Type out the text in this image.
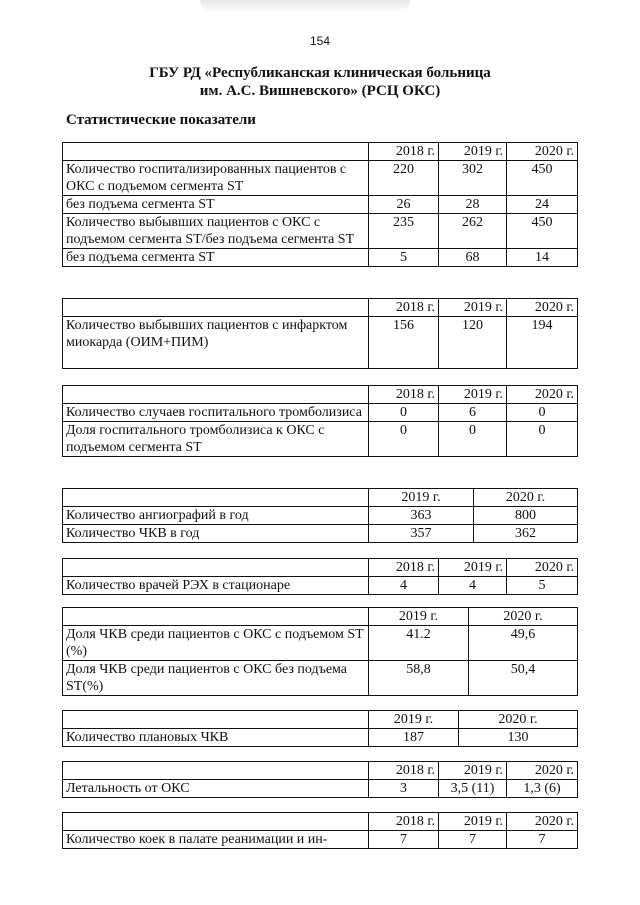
154
ГБУ РД «Республиканская клиническая больница
им. А.С. Вишневского» (РСЦ ОКС)
Статистические показатели
	2018 г.	2019 г.	2020 г.
Количество госпитализированных пациентов с ОКС с подъемом сегмента ST	220	302	450
без подъема сегмента ST	26	28	24
Количество выбывших пациентов с ОКС с подъемом сегмента ST/без подъема сегмента ST	235	262	450
без подъема сегмента ST	5	68	14
	2018 г.	2019 г.	2020 г.
Количество выбывших пациентов с инфарктом миокарда (ОИМ+ПИМ)	156	120	194
	2018 г.	2019 г.	2020 г.
Количество случаев госпитального тромболизиса	0	6	0
Доля госпитального тромболизиса к ОКС с подъемом сегмента ST	0	0	0
	2019 г.	2020 г.
Количество ангиографий в год	363	800
Количество ЧКВ в год	357	362
	2018 г.	2019 г.	2020 г.
Количество врачей РЭХ в стационаре	4	4	5
	2019 г.	2020 г.
Доля ЧКВ среди пациентов с ОКС с подъемом ST (%)	41.2	49,6
Доля ЧКВ среди пациентов с ОКС без подъема ST(%)	58,8	50,4
	2019 г.	2020 г.
Количество плановых ЧКВ	187	130
	2018 г.	2019 г.	2020 г.
Летальность от ОКС	3	3,5 (11)	1,3 (6)
	2018 г.	2019 г.	2020 г.
Количество коек в палате реанимации и ин-	7	7	7
